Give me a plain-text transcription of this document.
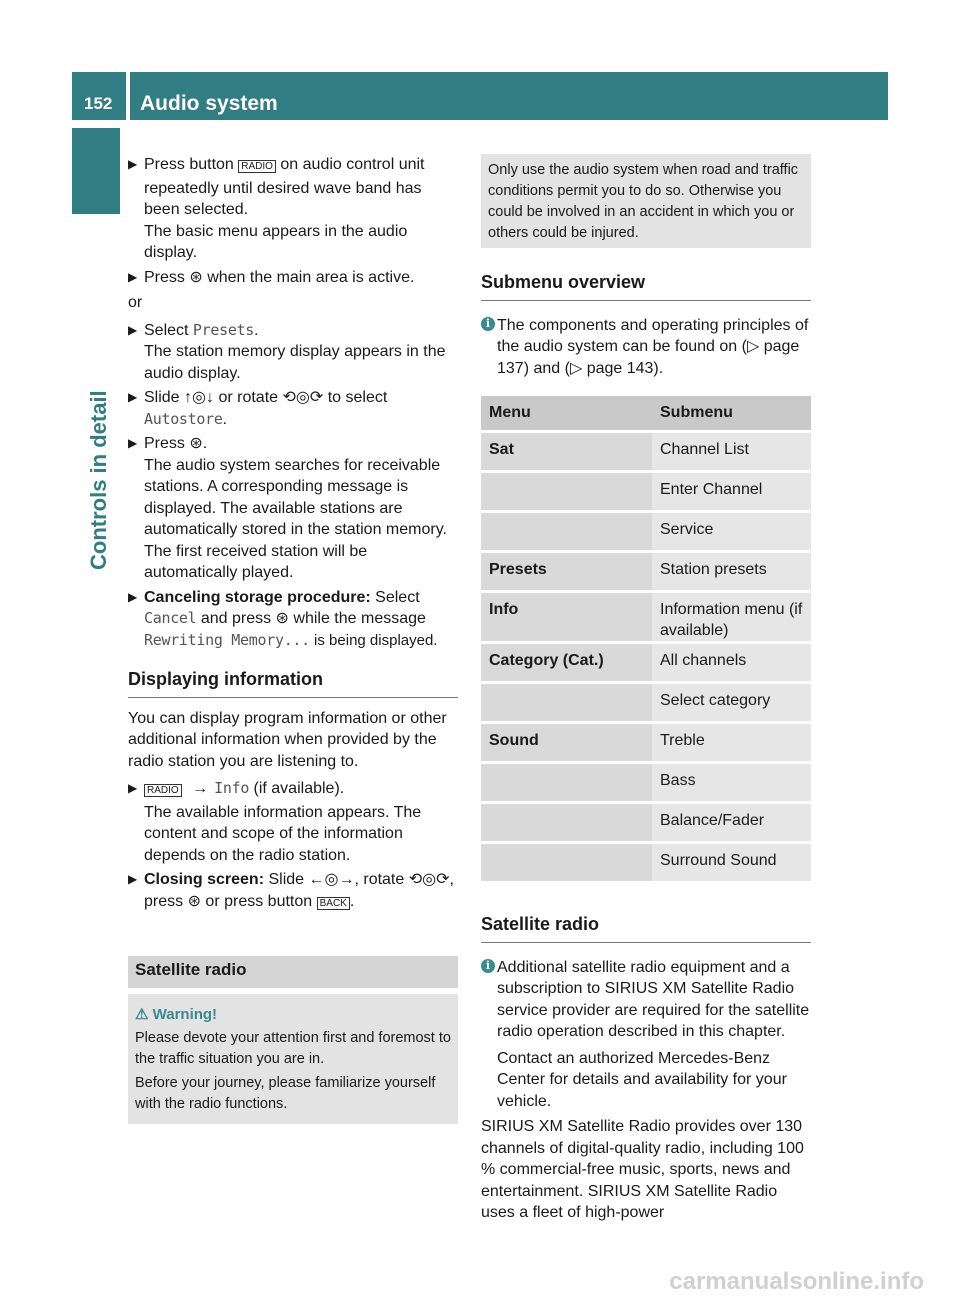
152 Audio system
Controls in detail
▶ Press button RADIO on audio control unit repeatedly until desired wave band has been selected.
The basic menu appears in the audio display.
▶ Press ⊛ when the main area is active.
or
▶ Select Presets.
The station memory display appears in the audio display.
▶ Slide ↑◎↓ or rotate ⟲◎⟳ to select
Autostore.
▶ Press ⊛.
The audio system searches for receivable stations. A corresponding message is displayed. The available stations are automatically stored in the station memory. The first received station will be automatically played.
▶ Canceling storage procedure: Select
Cancel and press ⊛ while the message
Rewriting Memory... is being displayed.
Displaying information
You can display program information or other additional information when provided by the radio station you are listening to.
▶ RADIO → Info (if available).
The available information appears. The content and scope of the information depends on the radio station.
▶ Closing screen: Slide ←◎→, rotate ⟲◎⟳,
press ⊛ or press button BACK .
Satellite radio
⚠ Warning!

Please devote your attention first and foremost to the traffic situation you are in.

Before your journey, please familiarize yourself with the radio functions.

Only use the audio system when road and traffic conditions permit you to do so. Otherwise you could be involved in an accident in which you or others could be injured.
Submenu overview
i The components and operating principles of the audio system can be found on (▷ page 137) and (▷ page 143).
Menu	Submenu
Sat	Channel List
	Enter Channel
	Service
Presets	Station presets
Info	Information menu (if available)
Category (Cat.)	All channels
	Select category
Sound	Treble
	Bass
	Balance/Fader
	Surround Sound
Satellite radio
i Additional satellite radio equipment and a subscription to SIRIUS XM Satellite Radio service provider are required for the satellite radio operation described in this chapter.
Contact an authorized Mercedes-Benz Center for details and availability for your vehicle.
SIRIUS XM Satellite Radio provides over 130 channels of digital-quality radio, including 100 % commercial-free music, sports, news and entertainment. SIRIUS XM Satellite Radio uses a fleet of high-power
carmanualsonline.info
